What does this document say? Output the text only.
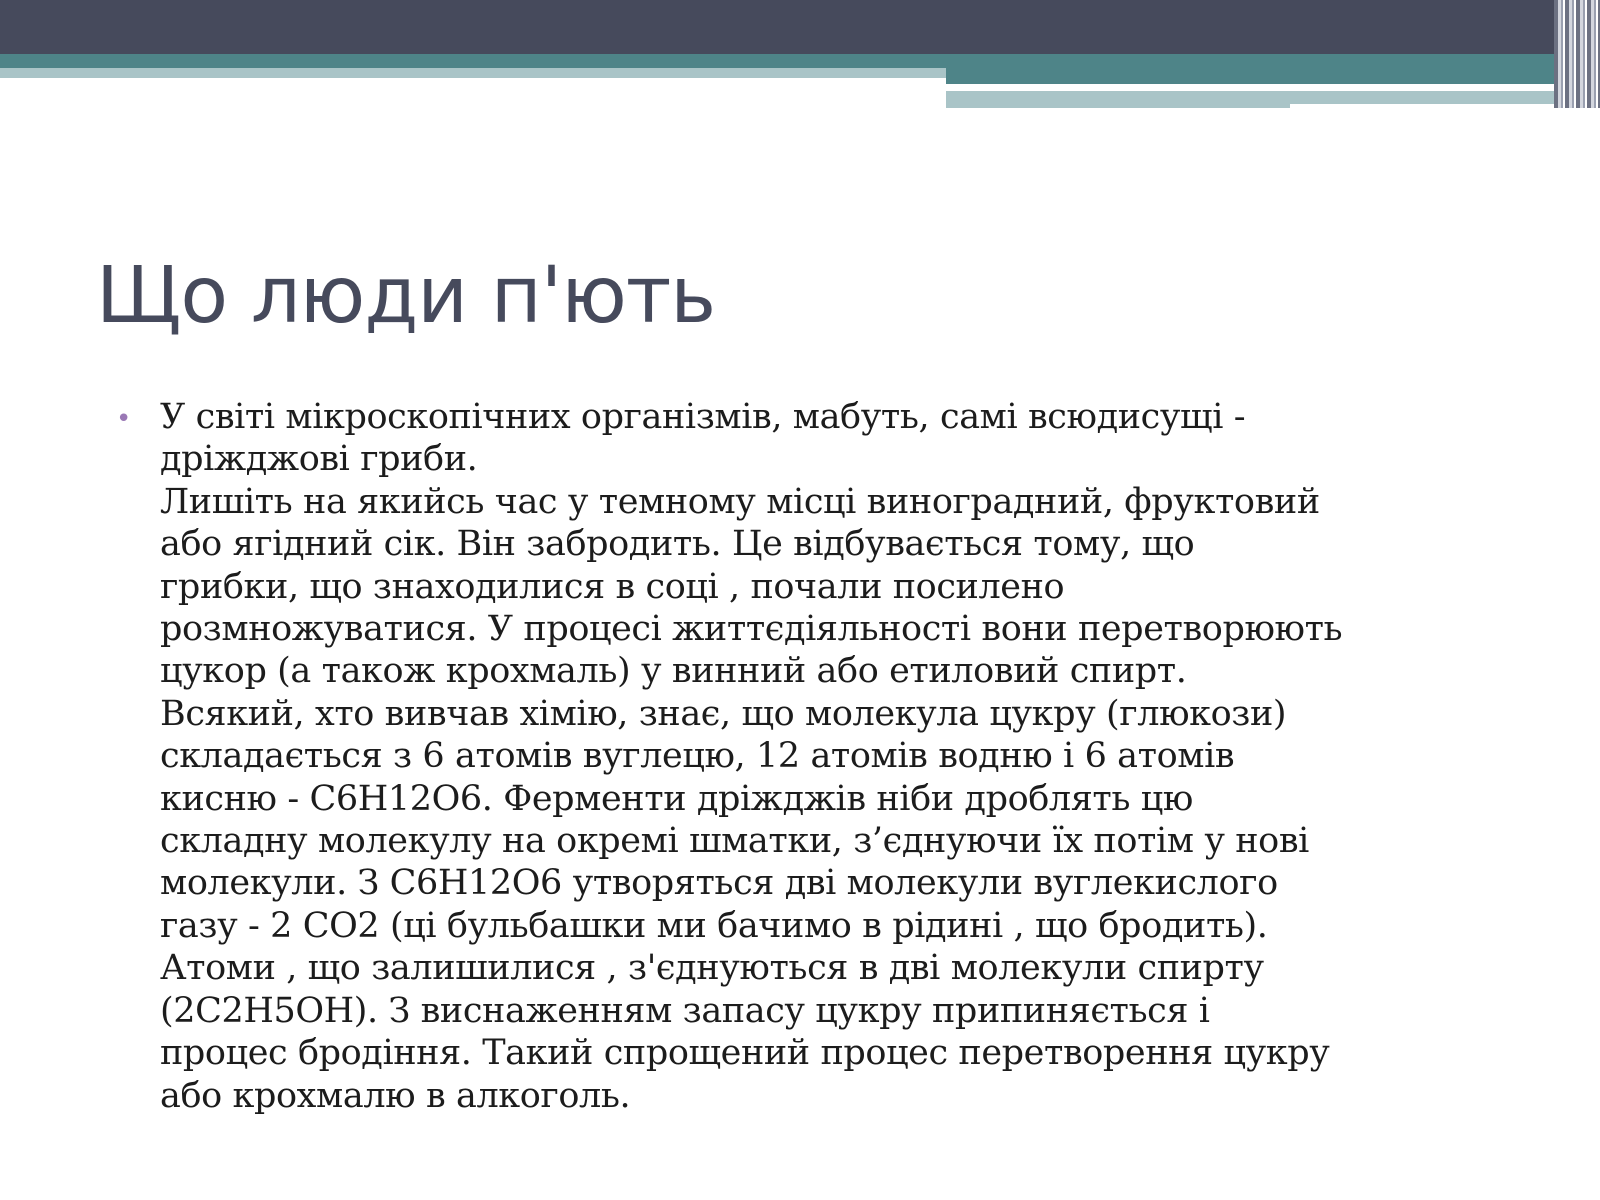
Що люди п'ють
• У світі мікроскопічних організмів, мабуть, самі всюдисущі -
дріжджові гриби.
Лишіть на якийсь час у темному місці виноградний, фруктовий
або ягідний сік. Він забродить. Це відбувається тому, що
грибки, що знаходилися в соці , почали посилено
розмножуватися. У процесі життєдіяльності вони перетворюють
цукор (а також крохмаль) у винний або етиловий спирт.
Всякий, хто вивчав хімію, знає, що молекула цукру (глюкози)
складається з 6 атомів вуглецю, 12 атомів водню і 6 атомів
кисню - С6Н12О6. Ферменти дріжджів ніби дроблять цю
складну молекулу на окремі шматки, з’єднуючи їх потім у нові
молекули. З С6Н12О6 утворяться дві молекули вуглекислого
газу - 2 СО2 (ці бульбашки ми бачимо в рідині , що бродить).
Атоми , що залишилися , з'єднуються в дві молекули спирту
(2С2Н5ОН). З виснаженням запасу цукру припиняється і
процес бродіння. Такий спрощений процес перетворення цукру
або крохмалю в алкоголь.
